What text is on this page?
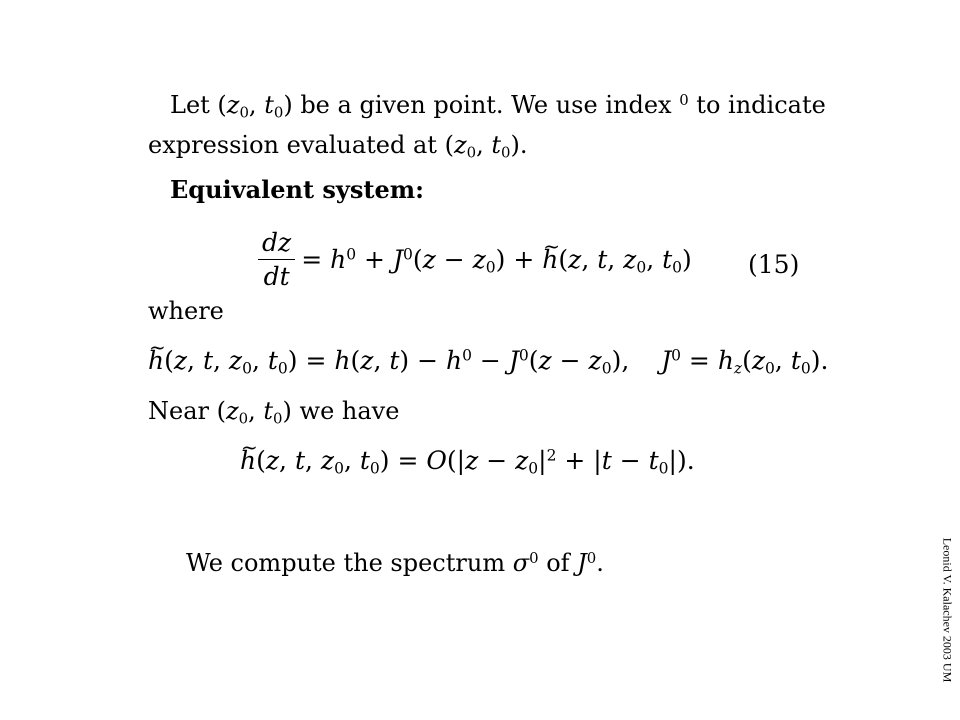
Let ($z_0$, $t_0$) be a given point. We use index $^0$ to indicate
expression evaluated at ($z_0$, $t_0$).
Equivalent system:
$\frac{dz}{dt} = h^0 + J^0(z - z_0)$ + ~ h(z, t, $z_0$, $t_0$) (15)
where
~ h(z, t, $z_0$, $t_0) = h(z$, $t) - h^0 - J^0(z - z_0)$,    $J^0 = h_z(z_0$, $t_0$).
Near ($z_0$, $t_0$) we have
~ h(z, t, $z_0$, $t_0) = O(|z - z_0|^2 + |t - t_0|)$.
We compute the spectrum $\sigma^0$ of $J^0$.	Leonid V. Kalachev 2003 UM
